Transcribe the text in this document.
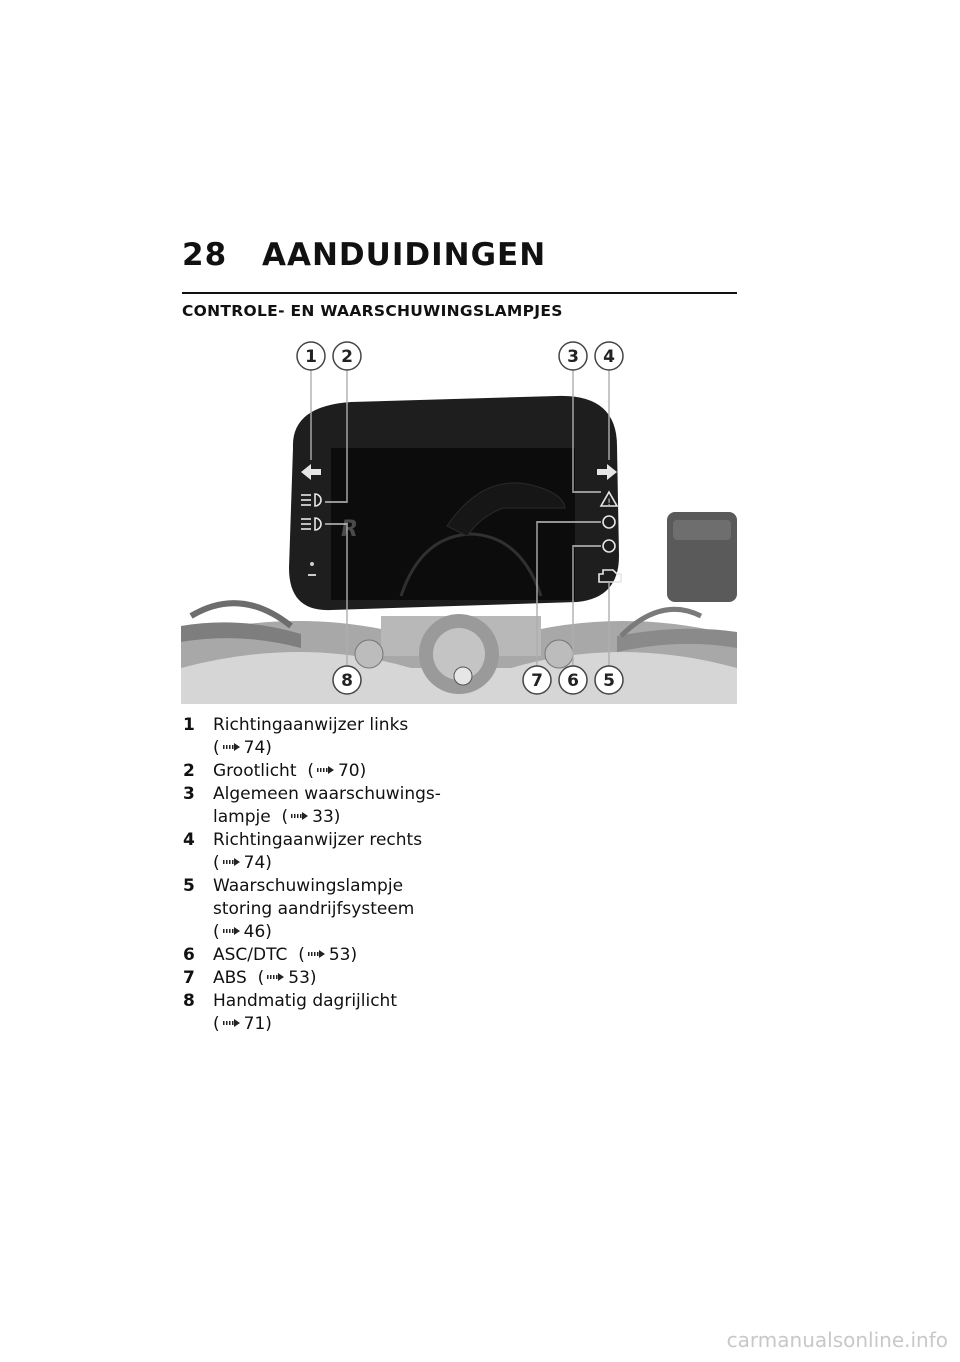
28	AANDUIDINGEN
CONTROLE- EN WAARSCHUWINGSLAMPJES
R
!
1 2	3 4
8	7 6 5
1	Richtingaanwijzer links
( 74)
2	Grootlicht ( 70)
3	Algemeen waarschuwings-
lampje ( 33)
4	Richtingaanwijzer rechts
( 74)
5	Waarschuwingslampje
storing aandrijfsysteem
( 46)
6	ASC/DTC ( 53)
7	ABS ( 53)
8	Handmatig dagrijlicht
( 71)
carmanualsonline.info
